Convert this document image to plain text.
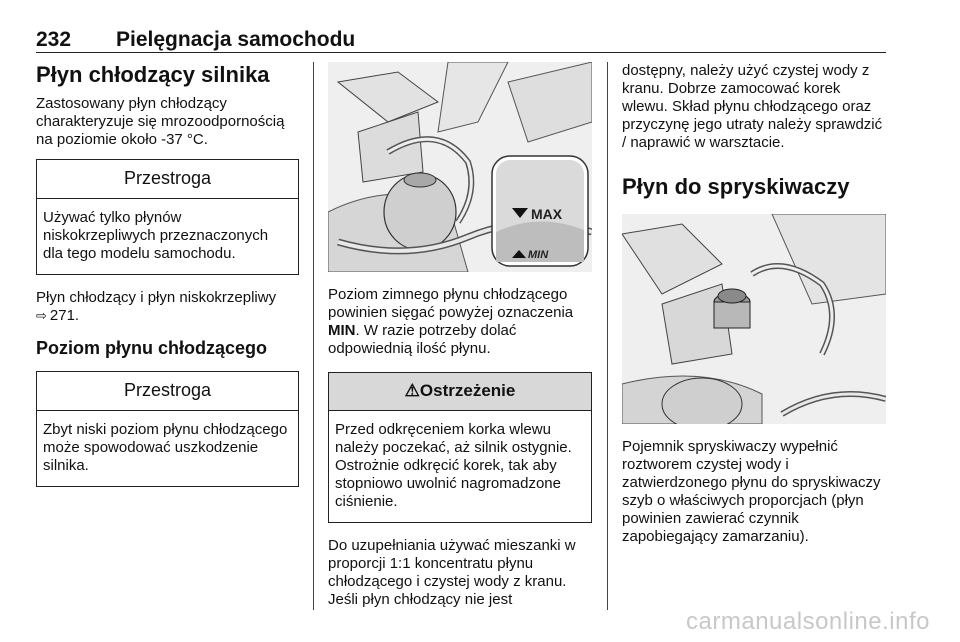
232 Pielęgnacja samochodu
Płyn chłodzący silnika

Zastosowany płyn chłodzący charakteryzuje się mrozoodpornością na poziomie około -37 °C.

Przestroga
Używać tylko płynów niskokrzepliwych przeznaczonych dla tego modelu samochodu.

Płyn chłodzący i płyn niskokrzepliwy
⇨ 271.

Poziom płynu chłodzącego
Przestroga
Zbyt niski poziom płynu chłodzącego może spowodować uszkodzenie silnika.
MAX
MIN

Poziom zimnego płynu chłodzącego powinien sięgać powyżej oznaczenia MIN. W razie potrzeby dolać odpowiednią ilość płynu.

⚠Ostrzeżenie
Przed odkręceniem korka wlewu należy poczekać, aż silnik ostygnie. Ostrożnie odkręcić korek, tak aby stopniowo uwolnić nagromadzone ciśnienie.

Do uzupełniania używać mieszanki w proporcji 1:1 koncentratu płynu chłodzącego i czystej wody z kranu. Jeśli płyn chłodzący nie jest

dostępny, należy użyć czystej wody z kranu. Dobrze zamocować korek wlewu. Skład płynu chłodzącego oraz przyczynę jego utraty należy sprawdzić / naprawić w warsztacie.

Płyn do spryskiwaczy

Pojemnik spryskiwaczy wypełnić roztworem czystej wody i zatwierdzonego płynu do spryskiwaczy szyb o właściwych proporcjach (płyn powinien zawierać czynnik zapobiegający zamarzaniu).

carmanualsonline.info
